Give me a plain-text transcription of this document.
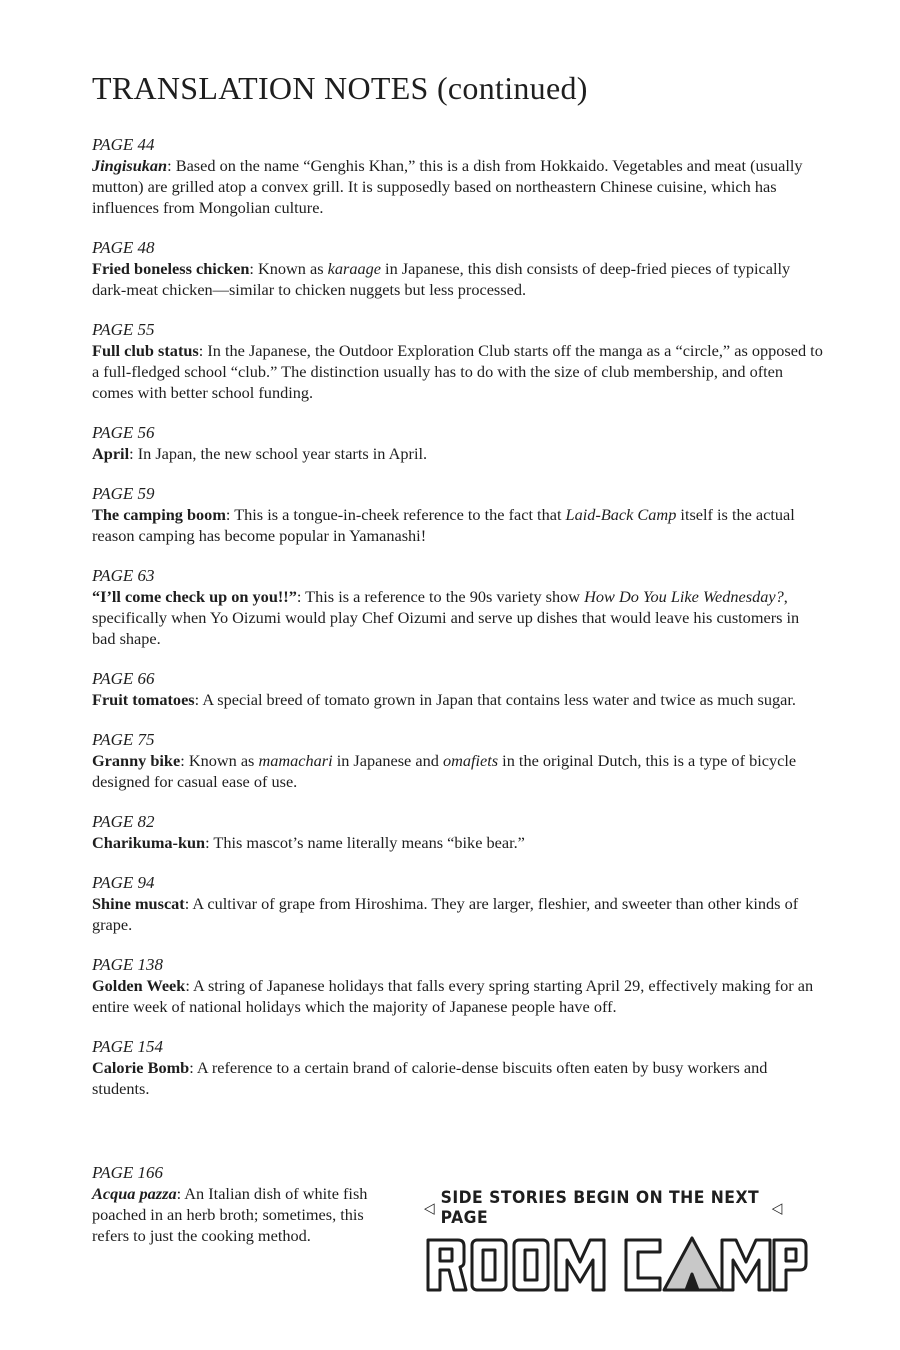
TRANSLATION NOTES (continued)
PAGE 44

Jingisukan: Based on the name “Genghis Khan,” this is a dish from Hokkaido. Vegetables and meat (usually mutton) are grilled atop a convex grill. It is supposedly based on northeastern Chinese cuisine, which has influences from Mongolian culture.

PAGE 48

Fried boneless chicken: Known as karaage in Japanese, this dish consists of deep-fried pieces of typically dark-meat chicken—similar to chicken nuggets but less processed.

PAGE 55

Full club status: In the Japanese, the Outdoor Exploration Club starts off the manga as a “circle,” as opposed to a full-fledged school “club.” The distinction usually has to do with the size of club membership, and often comes with better school funding.

PAGE 56

April: In Japan, the new school year starts in April.

PAGE 59

The camping boom: This is a tongue-in-cheek reference to the fact that Laid-Back Camp itself is the actual reason camping has become popular in Yamanashi!

PAGE 63

“I’ll come check up on you!!”: This is a reference to the 90s variety show How Do You Like Wednesday?, specifically when Yo Oizumi would play Chef Oizumi and serve up dishes that would leave his customers in bad shape.

PAGE 66

Fruit tomatoes: A special breed of tomato grown in Japan that contains less water and twice as much sugar.

PAGE 75

Granny bike: Known as mamachari in Japanese and omafiets in the original Dutch, this is a type of bicycle designed for casual ease of use.

PAGE 82

Charikuma-kun: This mascot’s name literally means “bike bear.”

PAGE 94

Shine muscat: A cultivar of grape from Hiroshima. They are larger, fleshier, and sweeter than other kinds of grape.

PAGE 138

Golden Week: A string of Japanese holidays that falls every spring starting April 29, effectively making for an entire week of national holidays which the majority of Japanese people have off.

PAGE 154

Calorie Bomb: A reference to a certain brand of calorie-dense biscuits often eaten by busy workers and students.

PAGE 166

Acqua pazza: An Italian dish of white fish poached in an herb broth; sometimes, this refers to just the cooking method.

◁ SIDE STORIES BEGIN ON THE NEXT PAGE	◁
